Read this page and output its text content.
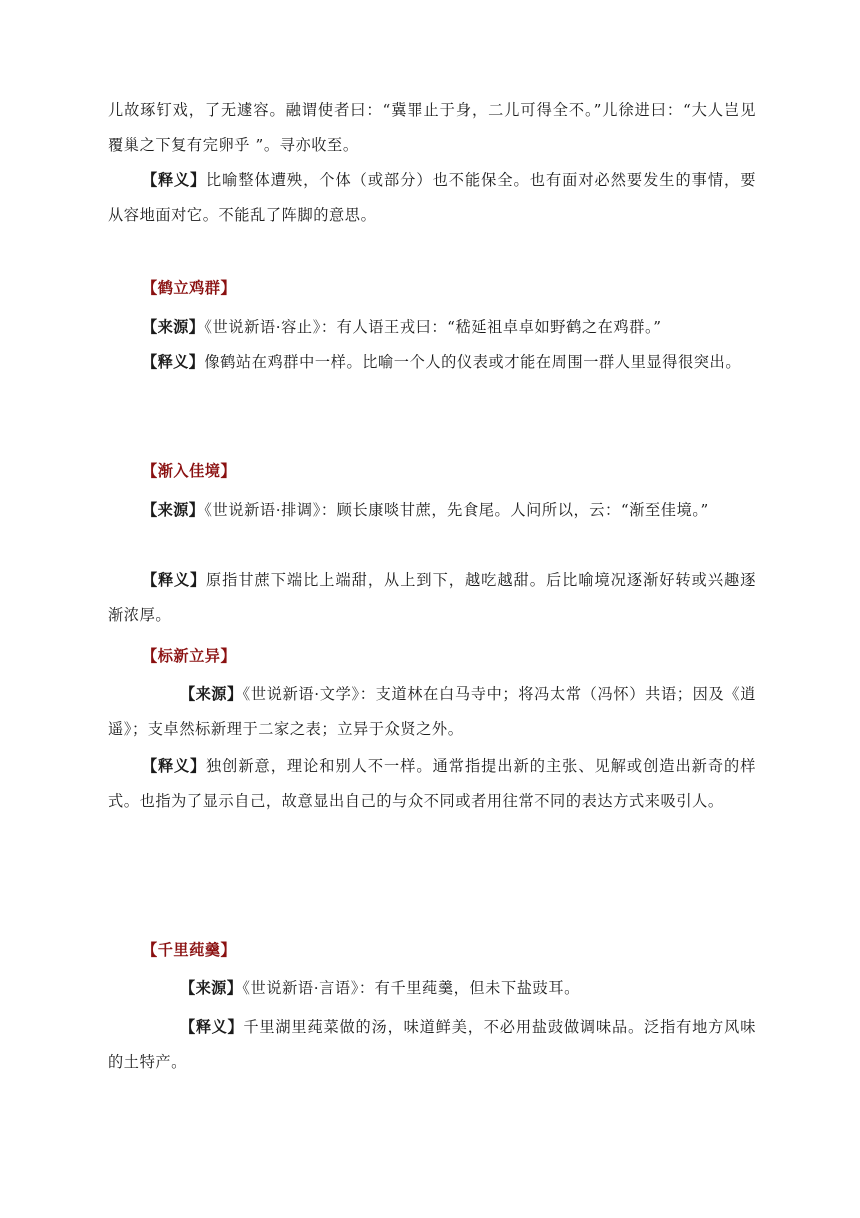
儿故琢钉戏，了无遽容。融谓使者曰：“冀罪止于身，二儿可得全不。”儿徐进曰：“大人岂见覆巢之下复有完卵乎 ”。寻亦收至。

【释义】比喻整体遭殃，个体（或部分）也不能保全。也有面对必然要发生的事情，要从容地面对它。不能乱了阵脚的意思。

【鹤立鸡群】

【来源】《世说新语·容止》：有人语王戎曰：“嵇延祖卓卓如野鹤之在鸡群。”

【释义】像鹤站在鸡群中一样。比喻一个人的仪表或才能在周围一群人里显得很突出。

【渐入佳境】

【来源】《世说新语·排调》：顾长康啖甘蔗，先食尾。人问所以，云：“渐至佳境。”

【释义】原指甘蔗下端比上端甜，从上到下，越吃越甜。后比喻境况逐渐好转或兴趣逐渐浓厚。

【标新立异】

【来源】《世说新语·文学》：支道林在白马寺中；将冯太常（冯怀）共语；因及《逍遥》；支卓然标新理于二家之表；立异于众贤之外。

【释义】独创新意，理论和别人不一样。通常指提出新的主张、见解或创造出新奇的样式。也指为了显示自己，故意显出自己的与众不同或者用往常不同的表达方式来吸引人。

【千里莼羹】

【来源】《世说新语·言语》：有千里莼羹，但未下盐豉耳。

【释义】千里湖里莼菜做的汤，味道鲜美，不必用盐豉做调味品。泛指有地方风味的土特产。
